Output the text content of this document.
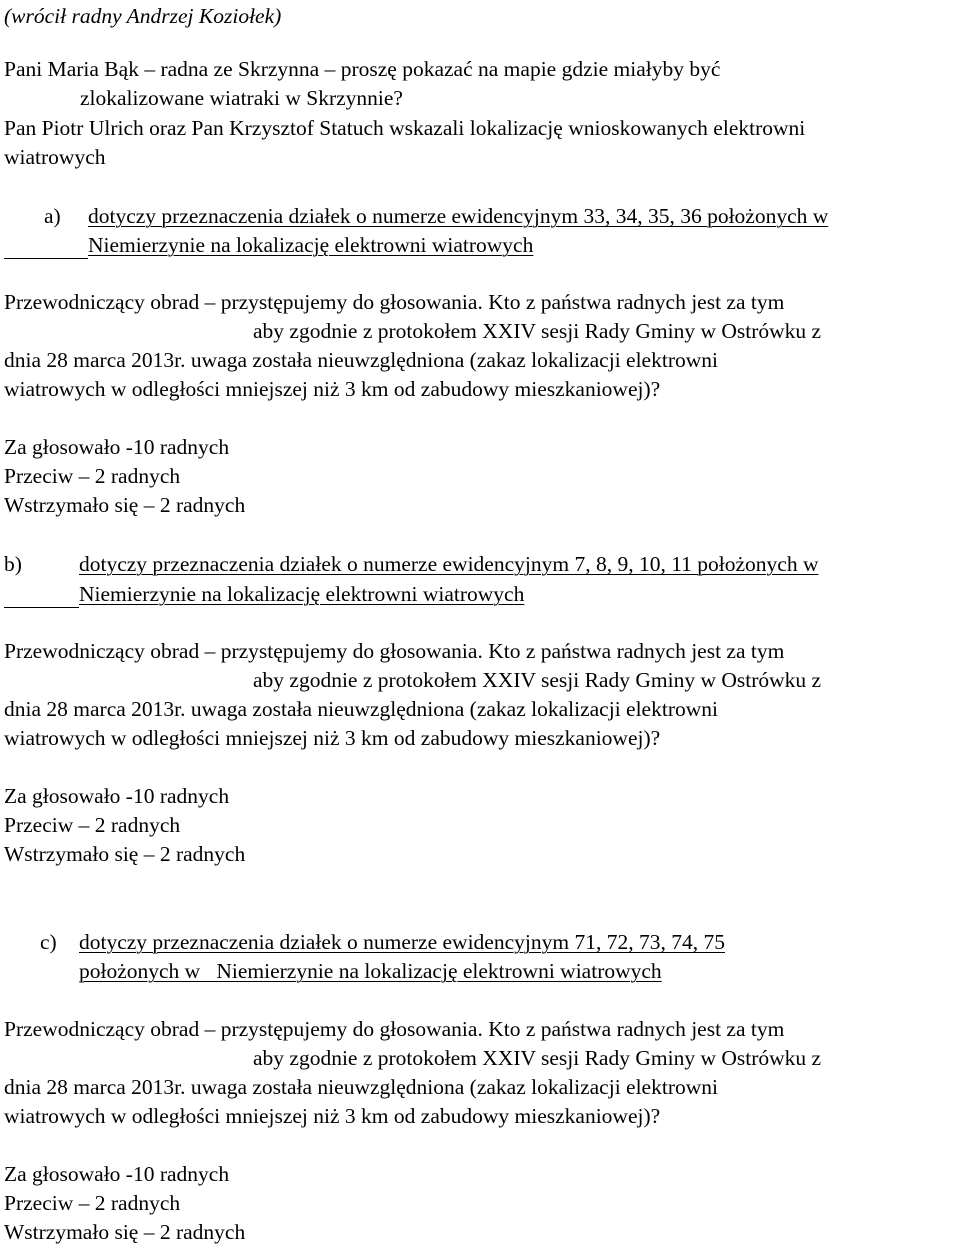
(wrócił radny Andrzej Koziołek)
Pani Maria Bąk – radna ze Skrzynna – proszę pokazać na mapie gdzie miałyby być
zlokalizowane wiatraki w Skrzynnie?
Pan Piotr Ulrich oraz Pan Krzysztof Statuch wskazali lokalizację wnioskowanych elektrowni
wiatrowych
a) dotyczy przeznaczenia działek o numerze ewidencyjnym 33, 34, 35, 36 położonych w
Niemierzynie na lokalizację elektrowni wiatrowych
Przewodniczący obrad – przystępujemy do głosowania. Kto z państwa radnych jest za tym
aby zgodnie z protokołem XXIV sesji Rady Gminy w Ostrówku z
dnia 28 marca 2013r. uwaga została nieuwzględniona (zakaz lokalizacji elektrowni
wiatrowych w odległości mniejszej niż 3 km od zabudowy mieszkaniowej)?
Za głosowało -10 radnych
Przeciw – 2 radnych
Wstrzymało się – 2 radnych
b)	dotyczy przeznaczenia działek o numerze ewidencyjnym 7, 8, 9, 10, 11 położonych w
Niemierzynie na lokalizację elektrowni wiatrowych
Przewodniczący obrad – przystępujemy do głosowania. Kto z państwa radnych jest za tym
aby zgodnie z protokołem XXIV sesji Rady Gminy w Ostrówku z
dnia 28 marca 2013r. uwaga została nieuwzględniona (zakaz lokalizacji elektrowni
wiatrowych w odległości mniejszej niż 3 km od zabudowy mieszkaniowej)?
Za głosowało -10 radnych
Przeciw – 2 radnych
Wstrzymało się – 2 radnych
c) dotyczy przeznaczenia działek o numerze ewidencyjnym 71, 72, 73, 74, 75
położonych w   Niemierzynie na lokalizację elektrowni wiatrowych
Przewodniczący obrad – przystępujemy do głosowania. Kto z państwa radnych jest za tym
aby zgodnie z protokołem XXIV sesji Rady Gminy w Ostrówku z
dnia 28 marca 2013r. uwaga została nieuwzględniona (zakaz lokalizacji elektrowni
wiatrowych w odległości mniejszej niż 3 km od zabudowy mieszkaniowej)?
Za głosowało -10 radnych
Przeciw – 2 radnych
Wstrzymało się – 2 radnych
